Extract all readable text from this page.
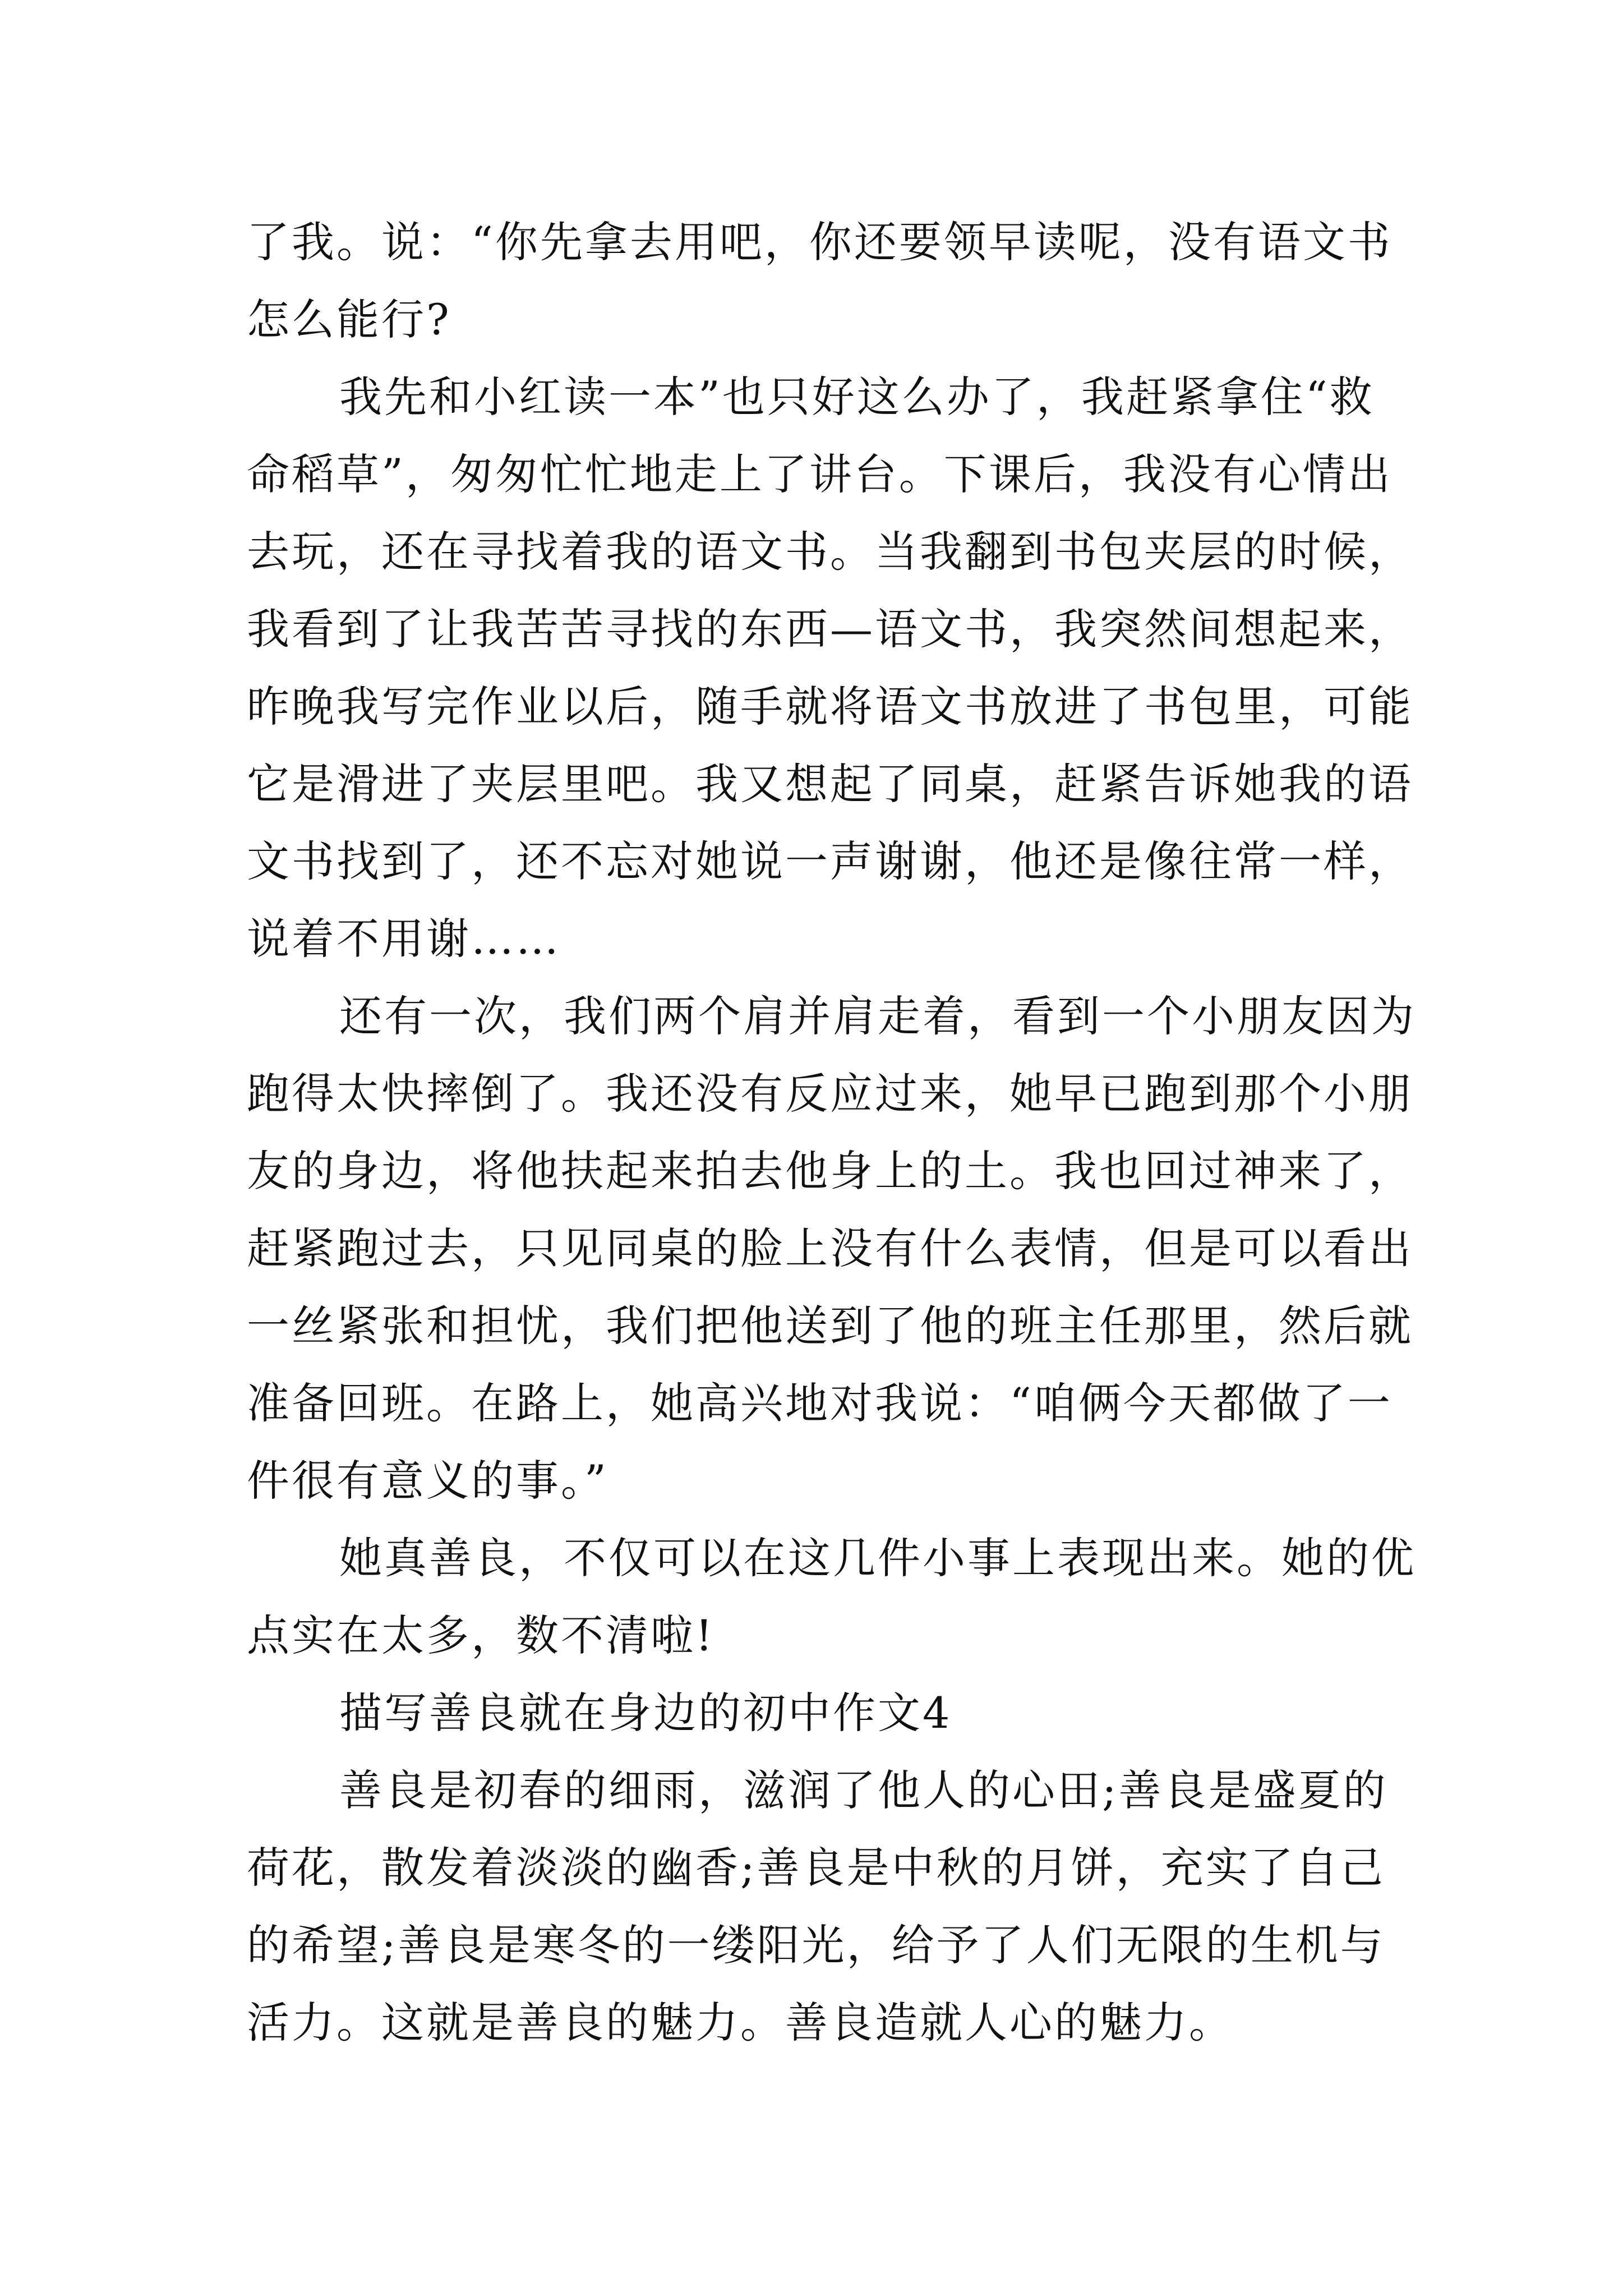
了我。说：“你先拿去用吧，你还要领早读呢，没有语文书
怎么能行?
我先和小红读一本”也只好这么办了，我赶紧拿住“救
命稻草”，匆匆忙忙地走上了讲台。下课后，我没有心情出
去玩，还在寻找着我的语文书。当我翻到书包夹层的时候，
我看到了让我苦苦寻找的东西—语文书，我突然间想起来，
昨晚我写完作业以后，随手就将语文书放进了书包里，可能
它是滑进了夹层里吧。我又想起了同桌，赶紧告诉她我的语
文书找到了，还不忘对她说一声谢谢，他还是像往常一样，
说着不用谢……
还有一次，我们两个肩并肩走着，看到一个小朋友因为
跑得太快摔倒了。我还没有反应过来，她早已跑到那个小朋
友的身边，将他扶起来拍去他身上的土。我也回过神来了，
赶紧跑过去，只见同桌的脸上没有什么表情，但是可以看出
一丝紧张和担忧，我们把他送到了他的班主任那里，然后就
准备回班。在路上，她高兴地对我说：“咱俩今天都做了一
件很有意义的事。”
她真善良，不仅可以在这几件小事上表现出来。她的优
点实在太多，数不清啦!
描写善良就在身边的初中作文4
善良是初春的细雨，滋润了他人的心田;善良是盛夏的
荷花，散发着淡淡的幽香;善良是中秋的月饼，充实了自己
的希望;善良是寒冬的一缕阳光，给予了人们无限的生机与
活力。这就是善良的魅力。善良造就人心的魅力。
